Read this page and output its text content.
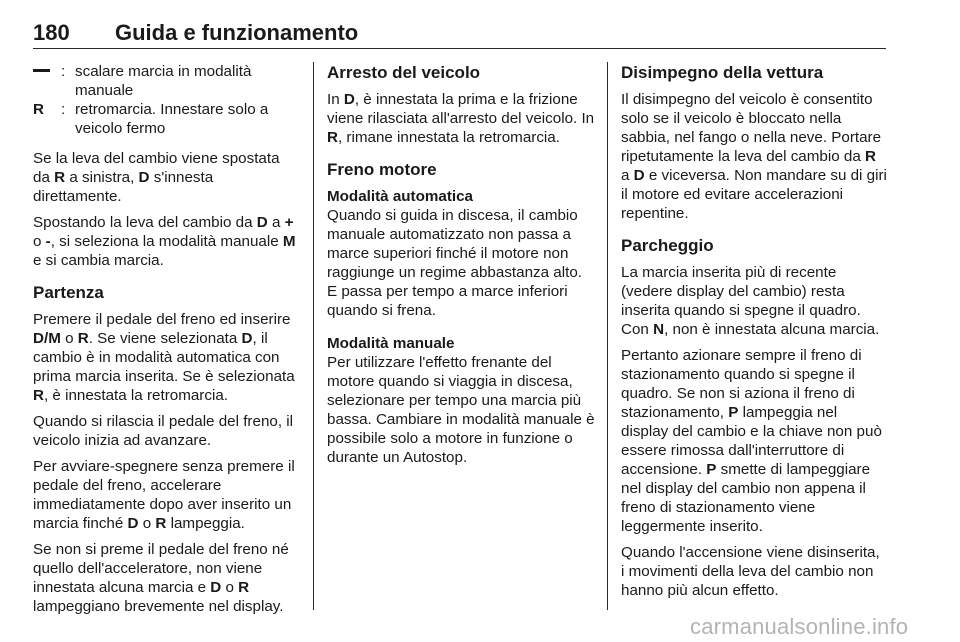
180 Guida e funzionamento
: scalare marcia in modalità manuale
R	: retromarcia. Innestare solo a veicolo fermo

Se la leva del cambio viene spostata da R a sinistra, D s'innesta direttamente.

Spostando la leva del cambio da D a + o -, si seleziona la modalità manuale M e si cambia marcia.

Partenza

Premere il pedale del freno ed inserire D/M o R. Se viene selezionata D, il cambio è in modalità automatica con prima marcia inserita. Se è selezionata R, è innestata la retromarcia.

Quando si rilascia il pedale del freno, il veicolo inizia ad avanzare.

Per avviare-spegnere senza premere il pedale del freno, accelerare immediatamente dopo aver inserito un marcia finché D o R lampeggia.

Se non si preme il pedale del freno né quello dell'acceleratore, non viene innestata alcuna marcia e D o R lampeggiano brevemente nel display.

Arresto del veicolo

In D, è innestata la prima e la frizione viene rilasciata all'arresto del veicolo. In R, rimane innestata la retromarcia.

Freno motore
Modalità automatica

Quando si guida in discesa, il cambio manuale automatizzato non passa a marce superiori finché il motore non raggiunge un regime abbastanza alto. E passa per tempo a marce inferiori quando si frena.

Modalità manuale

Per utilizzare l'effetto frenante del motore quando si viaggia in discesa, selezionare per tempo una marcia più bassa. Cambiare in modalità manuale è possibile solo a motore in funzione o durante un Autostop.

Disimpegno della vettura

Il disimpegno del veicolo è consentito solo se il veicolo è bloccato nella sabbia, nel fango o nella neve. Portare ripetutamente la leva del cambio da R a D e viceversa. Non mandare su di giri il motore ed evitare accelerazioni repentine.

Parcheggio

La marcia inserita più di recente (vedere display del cambio) resta inserita quando si spegne il quadro. Con N, non è innestata alcuna marcia.

Pertanto azionare sempre il freno di stazionamento quando si spegne il quadro. Se non si aziona il freno di stazionamento, P lampeggia nel display del cambio e la chiave non può essere rimossa dall'interruttore di accensione. P smette di lampeggiare nel display del cambio non appena il freno di stazionamento viene leggermente inserito.

Quando l'accensione viene disinserita, i movimenti della leva del cambio non hanno più alcun effetto.

carmanualsonline.info
